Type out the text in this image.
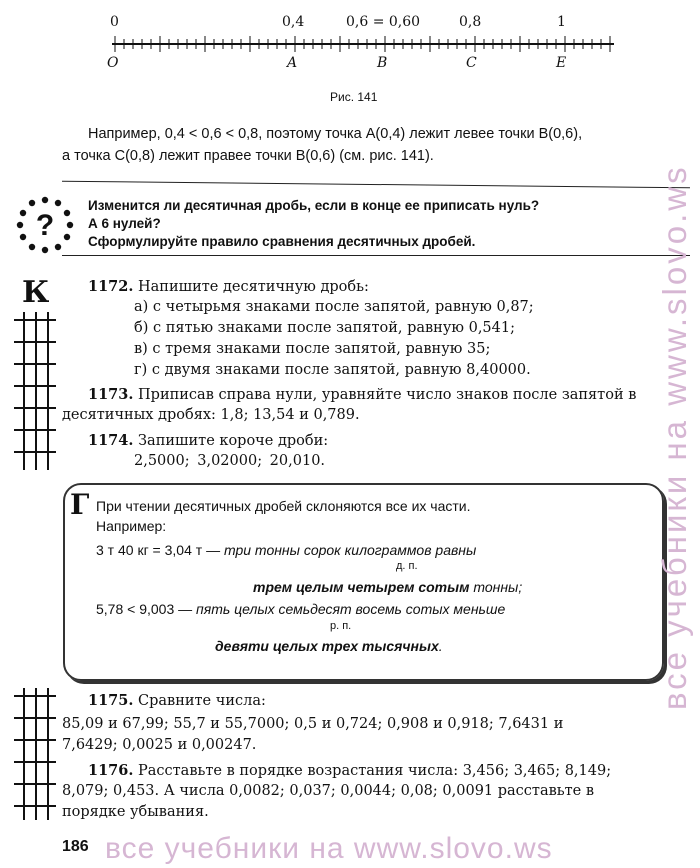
0	0,4	0,6 = 0,60	0,8	1
O	A	B	C	E
Рис. 141
Например, 0,4 < 0,6 < 0,8, поэтому точка A(0,4) лежит левее точки B(0,6),
а точка C(0,8) лежит правее точки B(0,6) (см. рис. 141).
?
Изменится ли десятичная дробь, если в конце ее приписать нуль?
А 6 нулей?
Сформулируйте правило сравнения десятичных дробей.
К	1172. Напишите десятичную дробь:
а) с четырьмя знаками после запятой, равную 0,87;
б) с пятью знаками после запятой, равную 0,541;
в) с тремя знаками после запятой, равную 35;
г) с двумя знаками после запятой, равную 8,40000.
1173. Приписав справа нули, уравняйте число знаков после запятой в
десятичных дробях: 1,8; 13,54 и 0,789.
1174. Запишите короче дроби:
2,5000; 3,02000; 20,010.
Г При чтении десятичных дробей склоняются все их части.
Например:
3 т 40 кг = 3,04 т — три тонны сорок килограммов равны
д. п.
трем целым четырем сотым тонны;
5,78 < 9,003 — пять целых семьдесят восемь сотых меньше
р. п.
девяти целых трех тысячных.
1175. Сравните числа:
85,09 и 67,99; 55,7 и 55,7000; 0,5 и 0,724; 0,908 и 0,918; 7,6431 и
7,6429; 0,0025 и 0,00247.
1176. Расставьте в порядке возрастания числа: 3,456; 3,465; 8,149;
8,079; 0,453. А числа 0,0082; 0,037; 0,0044; 0,08; 0,0091 расставьте в
порядке убывания.
186 все учебники на www.slovo.ws
все учебники на www.slovo.ws
